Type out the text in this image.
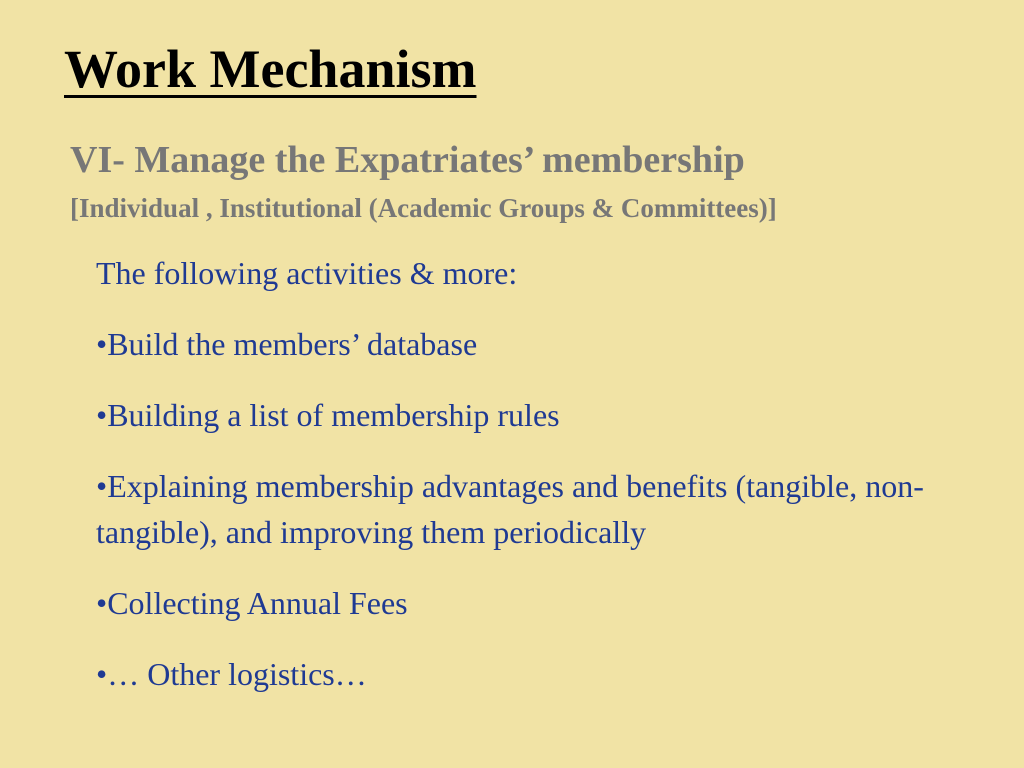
Work Mechanism
VI- Manage the Expatriates’ membership
[Individual , Institutional (Academic Groups & Committees)]

The following activities & more:

•Build the members’ database

•Building a list of membership rules

•Explaining membership advantages and benefits (tangible, non-tangible), and improving them periodically

•Collecting Annual Fees

•… Other logistics…
